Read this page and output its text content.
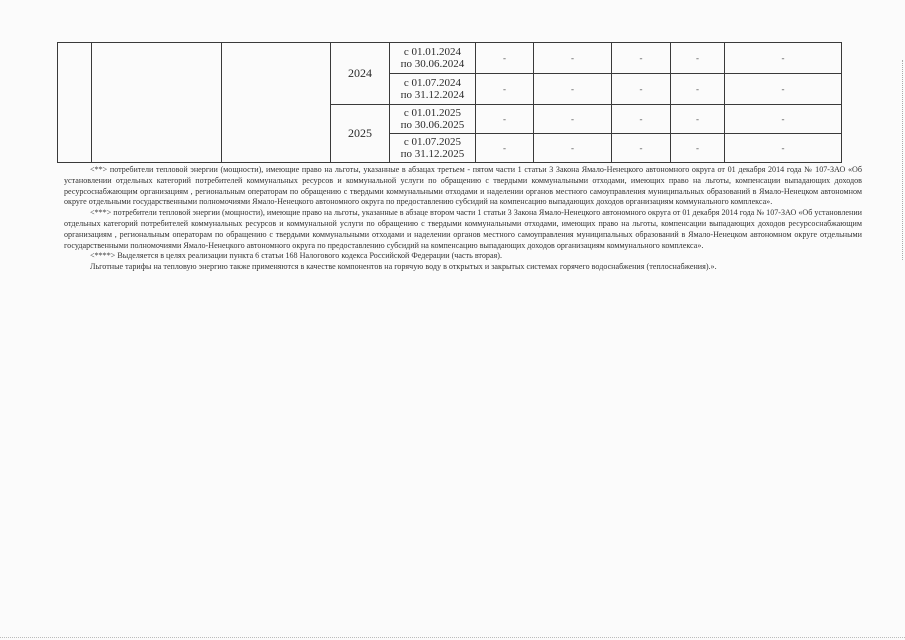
			2024	с 01.01.2024
по 30.06.2024	-	-	-	-	-

				с 01.07.2024
по 31.12.2024	-	-	-	-	-
			2025	с 01.01.2025
по 30.06.2025	-	-	-	-	-

				с 01.07.2025
по 31.12.2025	-	-	-	-	-

<**> потребители тепловой энергии (мощности), имеющие право на льготы, указанные в абзацах третьем - пятом части 1 статьи 3 Закона Ямало-Ненецкого автономного округа от 01 декабря 2014 года № 107-ЗАО «Об установлении отдельных категорий потребителей коммунальных ресурсов и коммунальной услуги по обращению с твердыми коммунальными отходами, имеющих право на льготы, компенсации выпадающих доходов ресурсоснабжающим организациям , региональным операторам по обращению с твердыми коммунальными отходами и наделении органов местного самоуправления муниципальных образований в Ямало-Ненецком автономном округе отдельными государственными полномочиями Ямало-Ненецкого автономного округа по предоставлению субсидий на компенсацию выпадающих доходов организациям коммунального комплекса».

<***> потребители тепловой энергии (мощности), имеющие право на льготы, указанные в абзаце втором части 1 статьи 3 Закона Ямало-Ненецкого автономного округа от 01 декабря 2014 года № 107-ЗАО «Об установлении отдельных категорий потребителей коммунальных ресурсов и коммунальной услуги по обращению с твердыми коммунальными отходами, имеющих право на льготы, компенсации выпадающих доходов ресурсоснабжающим организациям , региональным операторам по обращению с твердыми коммунальными отходами и наделении органов местного самоуправления муниципальных образований в Ямало-Ненецком автономном округе отдельными государственными полномочиями Ямало-Ненецкого автономного округа по предоставлению субсидий на компенсацию выпадающих доходов организациям коммунального комплекса».

<****> Выделяется в целях реализации пункта 6 статьи 168 Налогового кодекса Российской Федерации (часть вторая).

Льготные тарифы на тепловую энергию также применяются в качестве компонентов на горячую воду в открытых и закрытых системах горячего водоснабжения (теплоснабжения).».
